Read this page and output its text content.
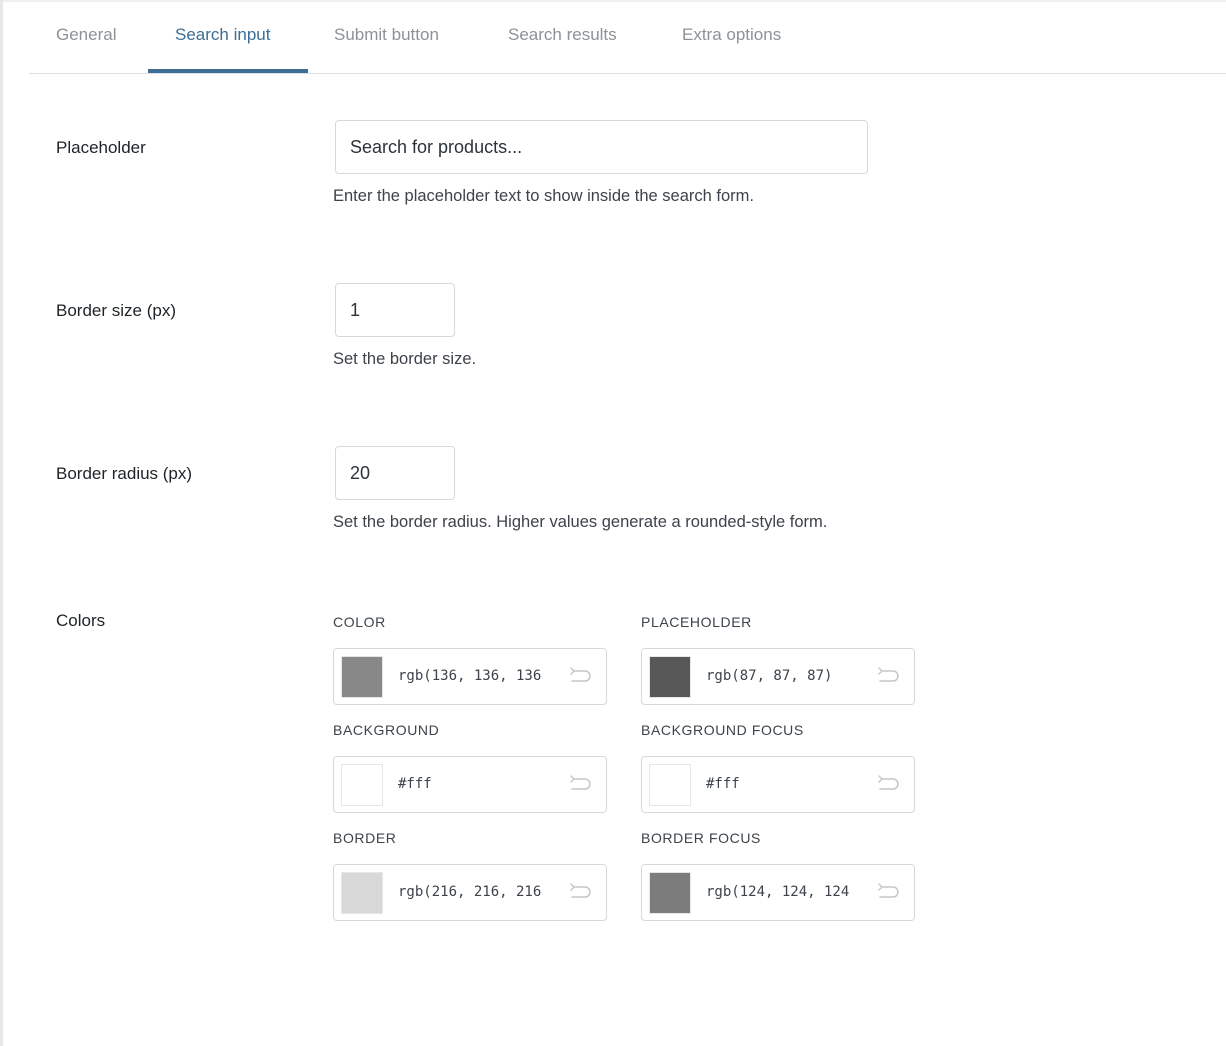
General	Search input	Submit button	Search results	Extra options
Placeholder	Search for products...
Enter the placeholder text to show inside the search form.
Border size (px)	1
Set the border size.
Border radius (px)	20
Set the border radius. Higher values generate a rounded-style form.
Colors	COLOR
rgb(136, 136, 136
PLACEHOLDER
rgb(87, 87, 87)
BACKGROUND
#fff
BACKGROUND FOCUS
#fff
BORDER
rgb(216, 216, 216
BORDER FOCUS
rgb(124, 124, 124
